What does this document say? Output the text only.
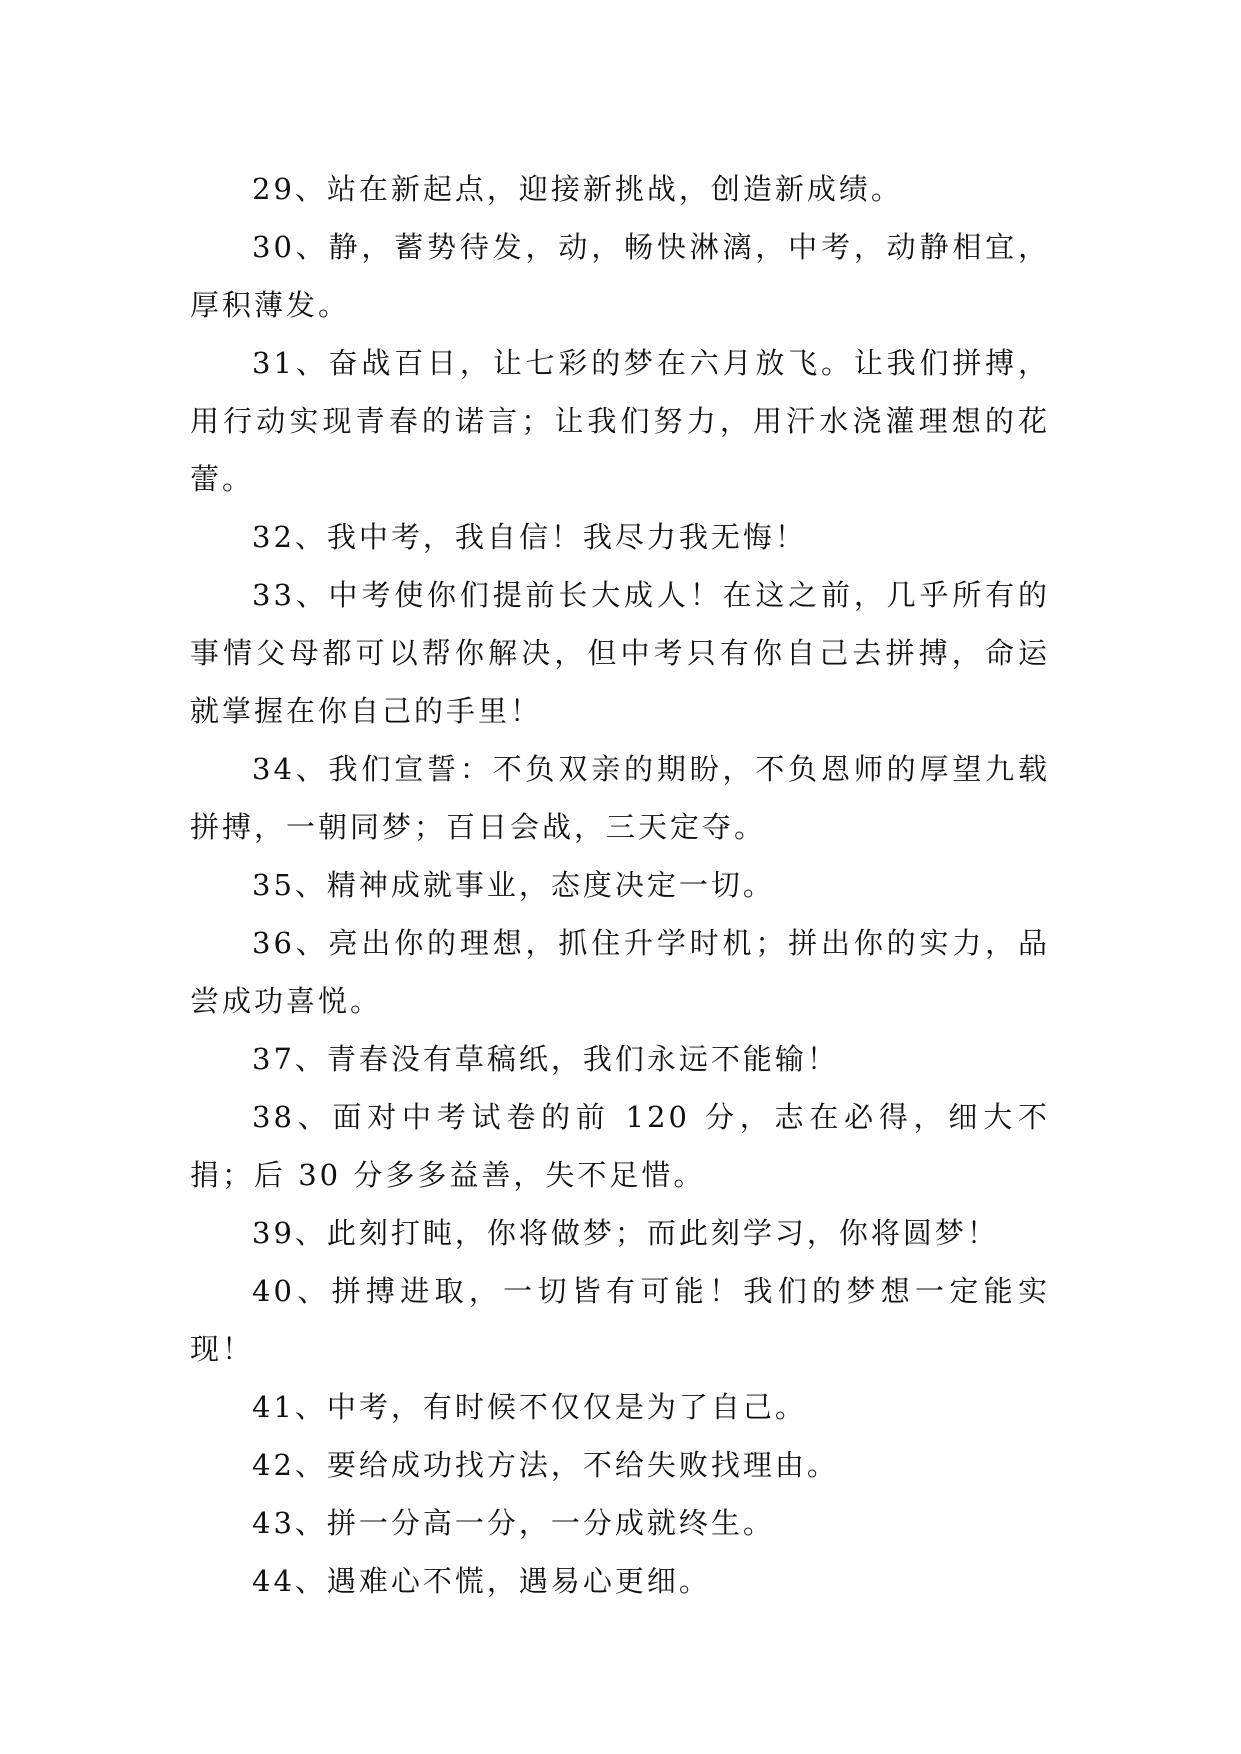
29、站在新起点，迎接新挑战，创造新成绩。

30、静，蓄势待发，动，畅快淋漓，中考，动静相宜，厚积薄发。

31、奋战百日，让七彩的梦在六月放飞。让我们拼搏，用行动实现青春的诺言；让我们努力，用汗水浇灌理想的花蕾。

32、我中考，我自信！我尽力我无悔！

33、中考使你们提前长大成人！在这之前，几乎所有的事情父母都可以帮你解决，但中考只有你自己去拼搏，命运就掌握在你自己的手里！

34、我们宣誓：不负双亲的期盼，不负恩师的厚望九载拼搏，一朝同梦；百日会战，三天定夺。

35、精神成就事业，态度决定一切。

36、亮出你的理想，抓住升学时机；拼出你的实力，品尝成功喜悦。

37、青春没有草稿纸，我们永远不能输！

38、面对中考试卷的前 120 分，志在必得，细大不捐；后 30 分多多益善，失不足惜。

39、此刻打盹，你将做梦；而此刻学习，你将圆梦！

40、拼搏进取，一切皆有可能！我们的梦想一定能实现！

41、中考，有时候不仅仅是为了自己。

42、要给成功找方法，不给失败找理由。

43、拼一分高一分，一分成就终生。

44、遇难心不慌，遇易心更细。
